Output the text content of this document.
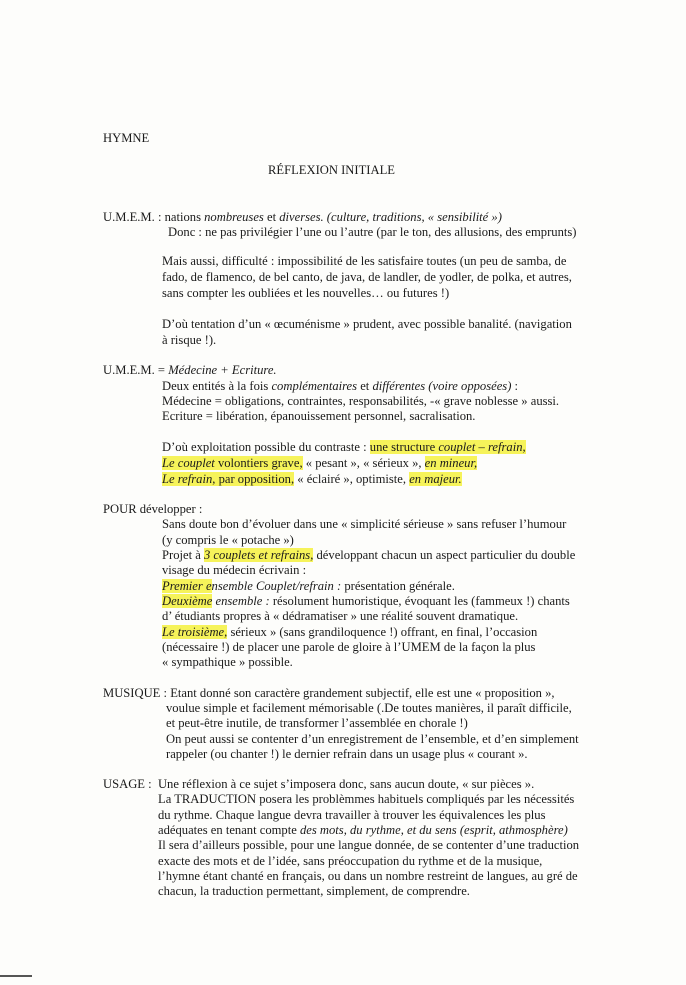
HYMNE
RÉFLEXION INITIALE
U.M.E.M. : nations nombreuses et diverses. (culture, traditions, « sensibilité »)
Donc : ne pas privilégier l’une ou l’autre (par le ton, des allusions, des emprunts)
Mais aussi, difficulté : impossibilité de les satisfaire toutes (un peu de samba, de
fado, de flamenco, de bel canto, de java, de landler, de yodler, de polka, et autres,
sans compter les oubliées et les nouvelles… ou futures !)
D’où tentation d’un « œcuménisme » prudent, avec possible banalité. (navigation
à risque !).
U.M.E.M. = Médecine + Ecriture.
Deux entités à la fois complémentaires et différentes (voire opposées) :
Médecine = obligations, contraintes, responsabilités, -« grave noblesse » aussi.
Ecriture = libération, épanouissement personnel, sacralisation.
D’où exploitation possible du contraste : une structure couplet – refrain,
Le couplet volontiers grave, « pesant », « sérieux », en mineur,
Le refrain, par opposition, « éclairé », optimiste, en majeur.
POUR développer :
Sans doute bon d’évoluer dans une « simplicité sérieuse » sans refuser l’humour
(y compris le « potache »)
Projet à 3 couplets et refrains, développant chacun un aspect particulier du double
visage du médecin écrivain :
Premier ensemble Couplet/refrain : présentation générale.
Deuxième ensemble : résolument humoristique, évoquant les (fammeux !) chants
d’ étudiants propres à « dédramatiser » une réalité souvent dramatique.
Le troisième, sérieux » (sans grandiloquence !) offrant, en final, l’occasion
(nécessaire !) de placer une parole de gloire à l’UMEM de la façon la plus
« sympathique » possible.
MUSIQUE : Etant donné son caractère grandement subjectif, elle est une « proposition »,
voulue simple et facilement mémorisable (.De toutes manières, il paraît difficile,
et peut-être inutile, de transformer l’assemblée en chorale !)
On peut aussi se contenter d’un enregistrement de l’ensemble, et d’en simplement
rappeler (ou chanter !) le dernier refrain dans un usage plus « courant ».
USAGE : Une réflexion à ce sujet s’imposera donc, sans aucun doute, « sur pièces ».
La TRADUCTION posera les problèmmes habituels compliqués par les nécessités
du rythme. Chaque langue devra travailler à trouver les équivalences les plus
adéquates en tenant compte des mots, du rythme, et du sens (esprit, athmosphère)
Il sera d’ailleurs possible, pour une langue donnée, de se contenter d’une traduction
exacte des mots et de l’idée, sans préoccupation du rythme et de la musique,
l’hymne étant chanté en français, ou dans un nombre restreint de langues, au gré de
chacun, la traduction permettant, simplement, de comprendre.
